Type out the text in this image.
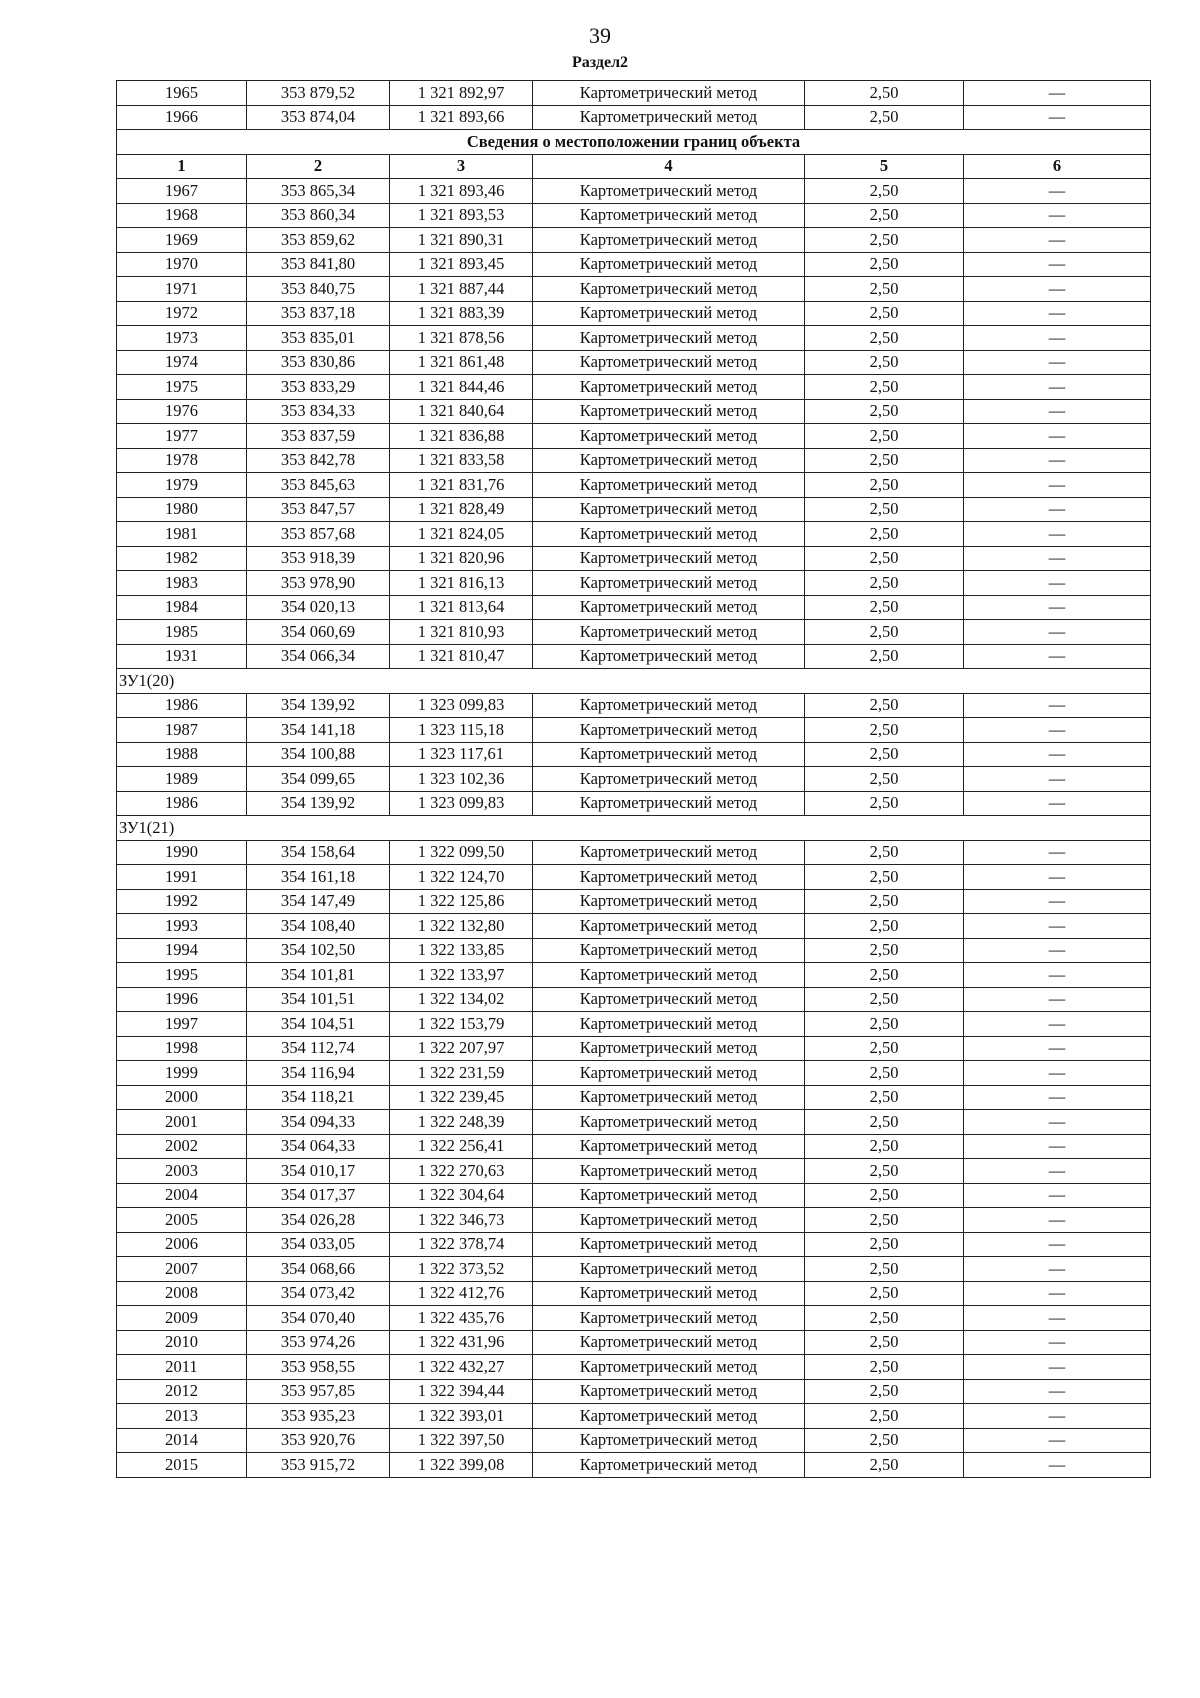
39
Раздел2
1965	353 879,52	1 321 892,97	Картометрический метод	2,50	—
1966	353 874,04	1 321 893,66	Картометрический метод	2,50	—
Сведения о местоположении границ объекта					
1	2	3	4	5	6
1967	353 865,34	1 321 893,46	Картометрический метод	2,50	—
1968	353 860,34	1 321 893,53	Картометрический метод	2,50	—
1969	353 859,62	1 321 890,31	Картометрический метод	2,50	—
1970	353 841,80	1 321 893,45	Картометрический метод	2,50	—
1971	353 840,75	1 321 887,44	Картометрический метод	2,50	—
1972	353 837,18	1 321 883,39	Картометрический метод	2,50	—
1973	353 835,01	1 321 878,56	Картометрический метод	2,50	—
1974	353 830,86	1 321 861,48	Картометрический метод	2,50	—
1975	353 833,29	1 321 844,46	Картометрический метод	2,50	—
1976	353 834,33	1 321 840,64	Картометрический метод	2,50	—
1977	353 837,59	1 321 836,88	Картометрический метод	2,50	—
1978	353 842,78	1 321 833,58	Картометрический метод	2,50	—
1979	353 845,63	1 321 831,76	Картометрический метод	2,50	—
1980	353 847,57	1 321 828,49	Картометрический метод	2,50	—
1981	353 857,68	1 321 824,05	Картометрический метод	2,50	—
1982	353 918,39	1 321 820,96	Картометрический метод	2,50	—
1983	353 978,90	1 321 816,13	Картометрический метод	2,50	—
1984	354 020,13	1 321 813,64	Картометрический метод	2,50	—
1985	354 060,69	1 321 810,93	Картометрический метод	2,50	—
1931	354 066,34	1 321 810,47	Картометрический метод	2,50	—
ЗУ1(20)					
1986	354 139,92	1 323 099,83	Картометрический метод	2,50	—
1987	354 141,18	1 323 115,18	Картометрический метод	2,50	—
1988	354 100,88	1 323 117,61	Картометрический метод	2,50	—
1989	354 099,65	1 323 102,36	Картометрический метод	2,50	—
1986	354 139,92	1 323 099,83	Картометрический метод	2,50	—
ЗУ1(21)					
1990	354 158,64	1 322 099,50	Картометрический метод	2,50	—
1991	354 161,18	1 322 124,70	Картометрический метод	2,50	—
1992	354 147,49	1 322 125,86	Картометрический метод	2,50	—
1993	354 108,40	1 322 132,80	Картометрический метод	2,50	—
1994	354 102,50	1 322 133,85	Картометрический метод	2,50	—
1995	354 101,81	1 322 133,97	Картометрический метод	2,50	—
1996	354 101,51	1 322 134,02	Картометрический метод	2,50	—
1997	354 104,51	1 322 153,79	Картометрический метод	2,50	—
1998	354 112,74	1 322 207,97	Картометрический метод	2,50	—
1999	354 116,94	1 322 231,59	Картометрический метод	2,50	—
2000	354 118,21	1 322 239,45	Картометрический метод	2,50	—
2001	354 094,33	1 322 248,39	Картометрический метод	2,50	—
2002	354 064,33	1 322 256,41	Картометрический метод	2,50	—
2003	354 010,17	1 322 270,63	Картометрический метод	2,50	—
2004	354 017,37	1 322 304,64	Картометрический метод	2,50	—
2005	354 026,28	1 322 346,73	Картометрический метод	2,50	—
2006	354 033,05	1 322 378,74	Картометрический метод	2,50	—
2007	354 068,66	1 322 373,52	Картометрический метод	2,50	—
2008	354 073,42	1 322 412,76	Картометрический метод	2,50	—
2009	354 070,40	1 322 435,76	Картометрический метод	2,50	—
2010	353 974,26	1 322 431,96	Картометрический метод	2,50	—
2011	353 958,55	1 322 432,27	Картометрический метод	2,50	—
2012	353 957,85	1 322 394,44	Картометрический метод	2,50	—
2013	353 935,23	1 322 393,01	Картометрический метод	2,50	—
2014	353 920,76	1 322 397,50	Картометрический метод	2,50	—
2015	353 915,72	1 322 399,08	Картометрический метод	2,50	—
